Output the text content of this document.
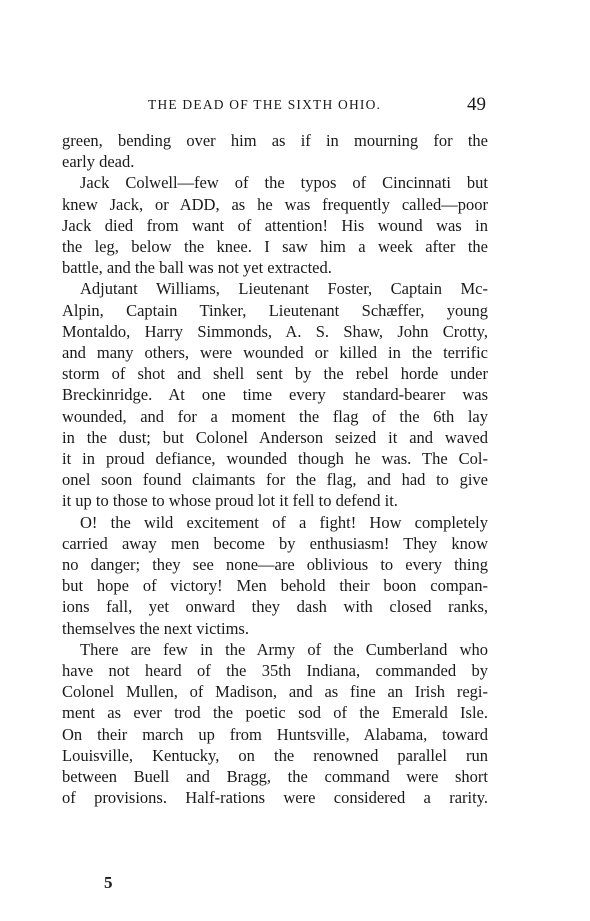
THE DEAD OF THE SIXTH OHIO.	49

green, bending over him as if in mourning for the
early dead.

Jack Colwell—few of the typos of Cincinnati but
knew Jack, or ADD, as he was frequently called—poor
Jack died from want of attention! His wound was in
the leg, below the knee. I saw him a week after the
battle, and the ball was not yet extracted.

Adjutant Williams, Lieutenant Foster, Captain Mc-
Alpin, Captain Tinker, Lieutenant Schæffer, young
Montaldo, Harry Simmonds, A. S. Shaw, John Crotty,
and many others, were wounded or killed in the terrific
storm of shot and shell sent by the rebel horde under
Breckinridge. At one time every standard-bearer was
wounded, and for a moment the flag of the 6th lay
in the dust; but Colonel Anderson seized it and waved
it in proud defiance, wounded though he was. The Col-
onel soon found claimants for the flag, and had to give
it up to those to whose proud lot it fell to defend it.

O! the wild excitement of a fight! How completely
carried away men become by enthusiasm! They know
no danger; they see none—are oblivious to every thing
but hope of victory! Men behold their boon compan-
ions fall, yet onward they dash with closed ranks,
themselves the next victims.

There are few in the Army of the Cumberland who
have not heard of the 35th Indiana, commanded by
Colonel Mullen, of Madison, and as fine an Irish regi-
ment as ever trod the poetic sod of the Emerald Isle.
On their march up from Huntsville, Alabama, toward
Louisville, Kentucky, on the renowned parallel run
between Buell and Bragg, the command were short
of provisions. Half-rations were considered a rarity.

5
